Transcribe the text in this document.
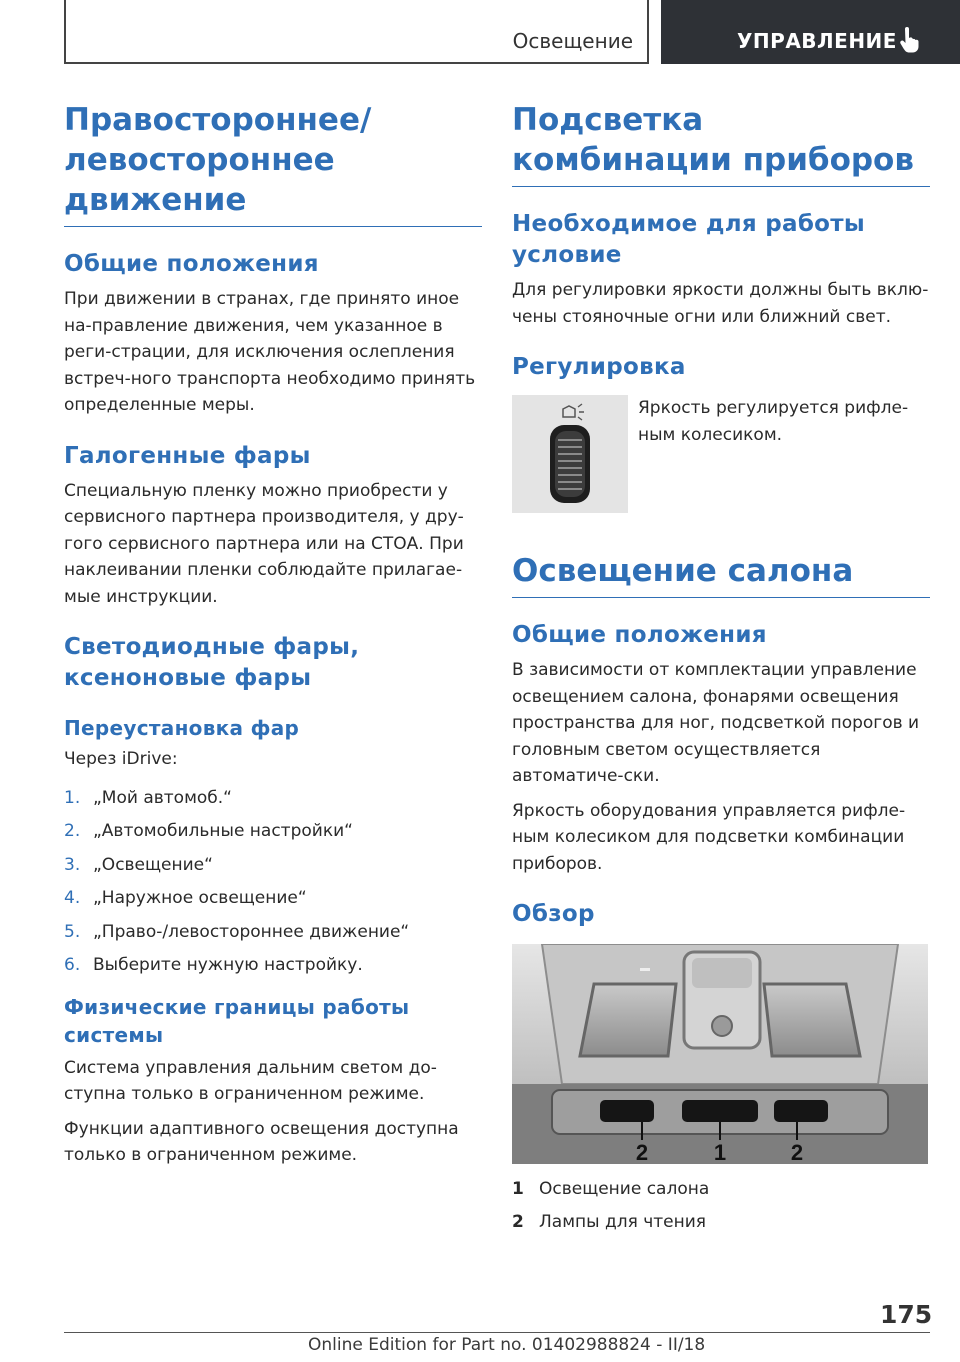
Освещение	УПРАВЛЕНИЕ
Правостороннее/ левостороннее движение
Общие положения

При движении в странах, где принято иное на-правление движения, чем указанное в реги-страции, для исключения ослепления встреч-ного транспорта необходимо принять определенные меры.

Галогенные фары

Специальную пленку можно приобрести у сервисного партнера производителя, у дру-гого сервисного партнера или на СТОА. При наклеивании пленки соблюдайте прилагае-мые инструкции.

Светодиодные фары, ксеноновые фары
Переустановка фар

Через iDrive:

1. „Мой автомоб.“
2. „Автомобильные настройки“
3. „Освещение“
4. „Наружное освещение“
5. „Право-/левостороннее движение“
6. Выберите нужную настройку.
Физические границы работы системы

Система управления дальним светом до-ступна только в ограниченном режиме.

Функции адаптивного освещения доступна только в ограниченном режиме.

Подсветка комбинации приборов
Необходимое для работы условие

Для регулировки яркости должны быть вклю-чены стояночные огни или ближний свет.

Регулировка

Яркость регулируется рифле-ным колесиком.

Освещение салона
Общие положения

В зависимости от комплектации управление освещением салона, фонарями освещения пространства для ног, подсветкой порогов и головным светом осуществляется автоматиче-ски.

Яркость оборудования управляется рифле-ным колесиком для подсветки комбинации приборов.

Обзор
2	1	2
1 Освещение салона
2 Лампы для чтения
175
Online Edition for Part no. 01402988824 - II/18
